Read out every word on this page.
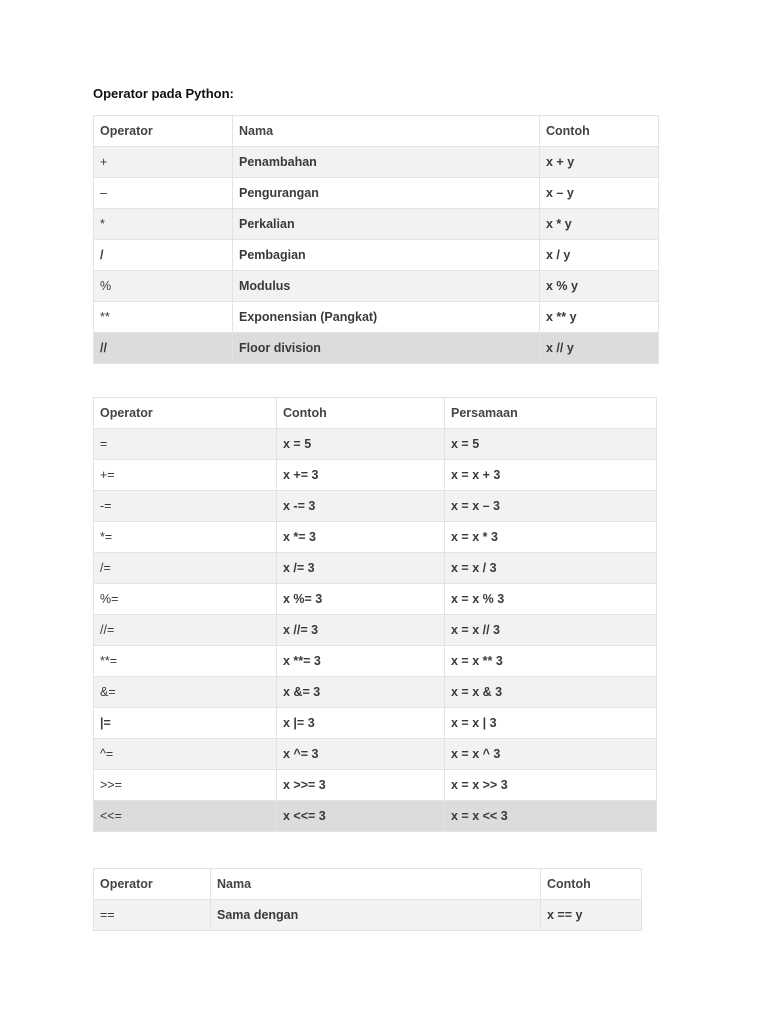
Operator pada Python:
Operator	Nama	Contoh
+	Penambahan	x + y
–	Pengurangan	x – y
*	Perkalian	x * y
/	Pembagian	x / y
%	Modulus	x % y
**	Exponensian (Pangkat)	x ** y
//	Floor division	x // y
Operator	Contoh	Persamaan
=	x = 5	x = 5
+=	x += 3	x = x + 3
-=	x -= 3	x = x – 3
*=	x *= 3	x = x * 3
/=	x /= 3	x = x / 3
%=	x %= 3	x = x % 3
//=	x //= 3	x = x // 3
**=	x **= 3	x = x ** 3
&=	x &= 3	x = x & 3
|=	x |= 3	x = x | 3
^=	x ^= 3	x = x ^ 3
>>=	x >>= 3	x = x >> 3
<<=	x <<= 3	x = x << 3
Operator	Nama	Contoh
==	Sama dengan	x == y
